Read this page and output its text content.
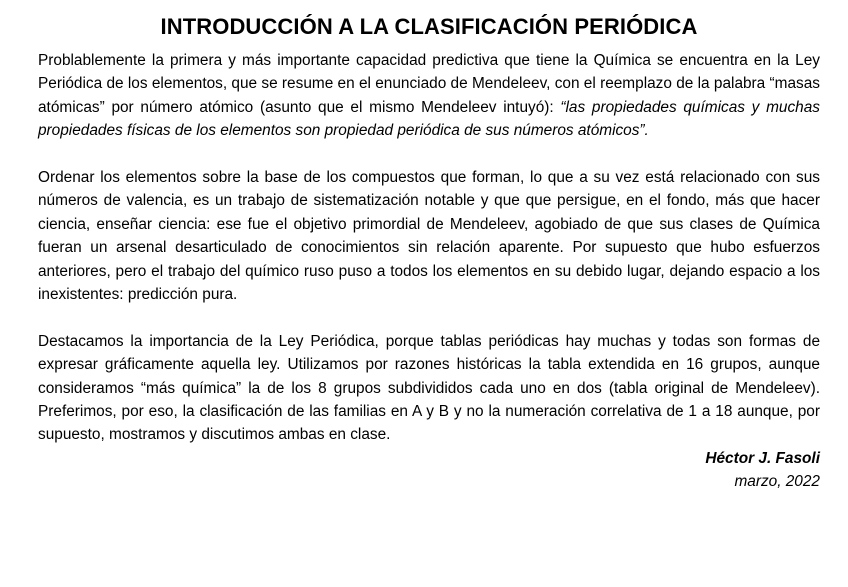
INTRODUCCIÓN A LA CLASIFICACIÓN PERIÓDICA

Problablemente la primera y más importante capacidad predictiva que tiene la Química se encuentra en la Ley Periódica de los elementos, que se resume en el enunciado de Mendeleev, con el reemplazo de la palabra “masas atómicas” por número atómico (asunto que el mismo Mendeleev intuyó): “las propiedades químicas y muchas propiedades físicas de los elementos son propiedad periódica de sus números atómicos”.

Ordenar los elementos sobre la base de los compuestos que forman, lo que a su vez está relacionado con sus números de valencia, es un trabajo de sistematización notable y que que persigue, en el fondo, más que hacer ciencia, enseñar ciencia: ese fue el objetivo primordial de Mendeleev, agobiado de que sus clases de Química fueran un arsenal desarticulado de conocimientos sin relación aparente. Por supuesto que hubo esfuerzos anteriores, pero el trabajo del químico ruso puso a todos los elementos en su debido lugar, dejando espacio a los inexistentes: predicción pura.

Destacamos la importancia de la Ley Periódica, porque tablas periódicas hay muchas y todas son formas de expresar gráficamente aquella ley. Utilizamos por razones históricas la tabla extendida en 16 grupos, aunque consideramos “más química” la de los 8 grupos subdivididos cada uno en dos (tabla original de Mendeleev). Preferimos, por eso, la clasificación de las familias en A y B y no la numeración correlativa de 1 a 18 aunque, por supuesto, mostramos y discutimos ambas en clase.

Héctor J. Fasoli
marzo, 2022
